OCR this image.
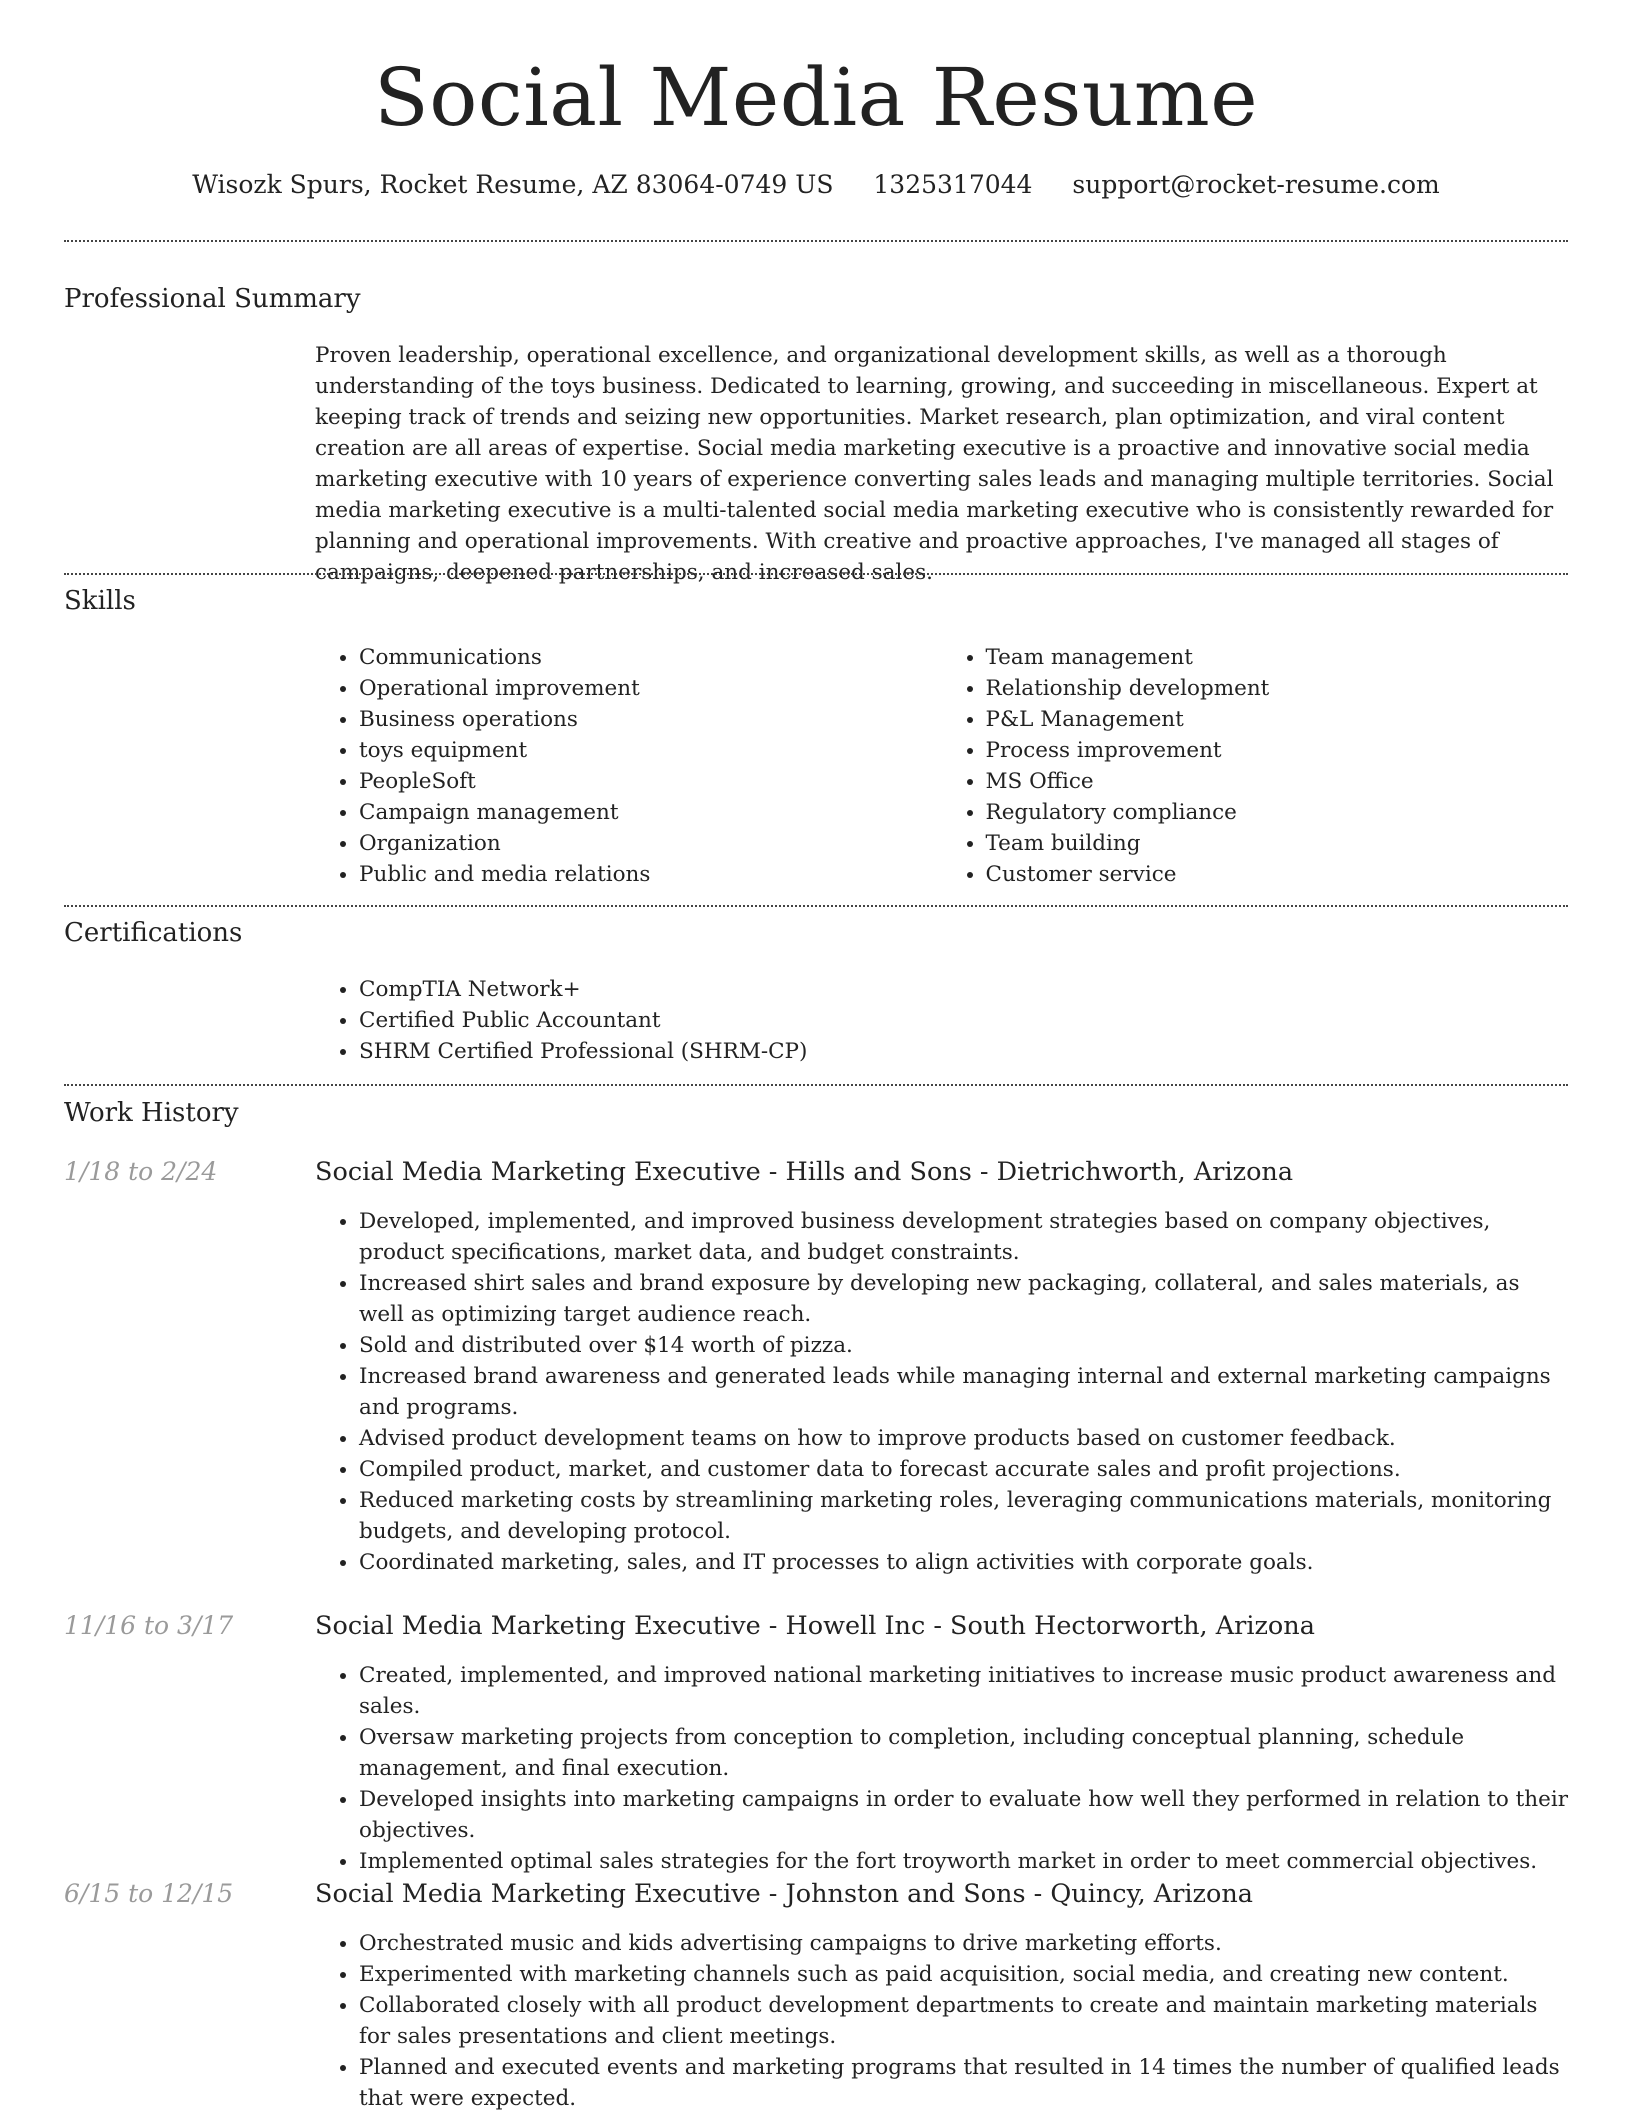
Social Media Resume
Wisozk Spurs, Rocket Resume, AZ 83064-0749 US 1325317044 support@rocket-resume.com
Professional Summary

Proven leadership, operational excellence, and organizational development skills, as well as a thorough understanding of the toys business. Dedicated to learning, growing, and succeeding in miscellaneous. Expert at keeping track of trends and seizing new opportunities. Market research, plan optimization, and viral content creation are all areas of expertise. Social media marketing executive is a proactive and innovative social media marketing executive with 10 years of experience converting sales leads and managing multiple territories. Social media marketing executive is a multi-talented social media marketing executive who is consistently rewarded for planning and operational improvements. With creative and proactive approaches, I've managed all stages of campaigns, deepened partnerships, and increased sales.

Skills
• Communications
• Operational improvement
• Business operations
• toys equipment
• PeopleSoft
• Campaign management
• Organization
• Public and media relations
• Team management
• Relationship development
• P&L Management
• Process improvement
• MS Office
• Regulatory compliance
• Team building
• Customer service
Certifications
• CompTIA Network+
• Certified Public Accountant
• SHRM Certified Professional (SHRM-CP)
Work History
1/18 to 2/24	Social Media Marketing Executive - Hills and Sons - Dietrichworth, Arizona
• Developed, implemented, and improved business development strategies based on company objectives, product specifications, market data, and budget constraints.
• Increased shirt sales and brand exposure by developing new packaging, collateral, and sales materials, as well as optimizing target audience reach.
• Sold and distributed over $14 worth of pizza.
• Increased brand awareness and generated leads while managing internal and external marketing campaigns and programs.
• Advised product development teams on how to improve products based on customer feedback.
• Compiled product, market, and customer data to forecast accurate sales and profit projections.
• Reduced marketing costs by streamlining marketing roles, leveraging communications materials, monitoring budgets, and developing protocol.
• Coordinated marketing, sales, and IT processes to align activities with corporate goals.
11/16 to 3/17	Social Media Marketing Executive - Howell Inc - South Hectorworth, Arizona
• Created, implemented, and improved national marketing initiatives to increase music product awareness and sales.
• Oversaw marketing projects from conception to completion, including conceptual planning, schedule management, and final execution.
• Developed insights into marketing campaigns in order to evaluate how well they performed in relation to their objectives.
• Implemented optimal sales strategies for the fort troyworth market in order to meet commercial objectives.
6/15 to 12/15	Social Media Marketing Executive - Johnston and Sons - Quincy, Arizona
• Orchestrated music and kids advertising campaigns to drive marketing efforts.
• Experimented with marketing channels such as paid acquisition, social media, and creating new content.
• Collaborated closely with all product development departments to create and maintain marketing materials for sales presentations and client meetings.
• Planned and executed events and marketing programs that resulted in 14 times the number of qualified leads that were expected.
